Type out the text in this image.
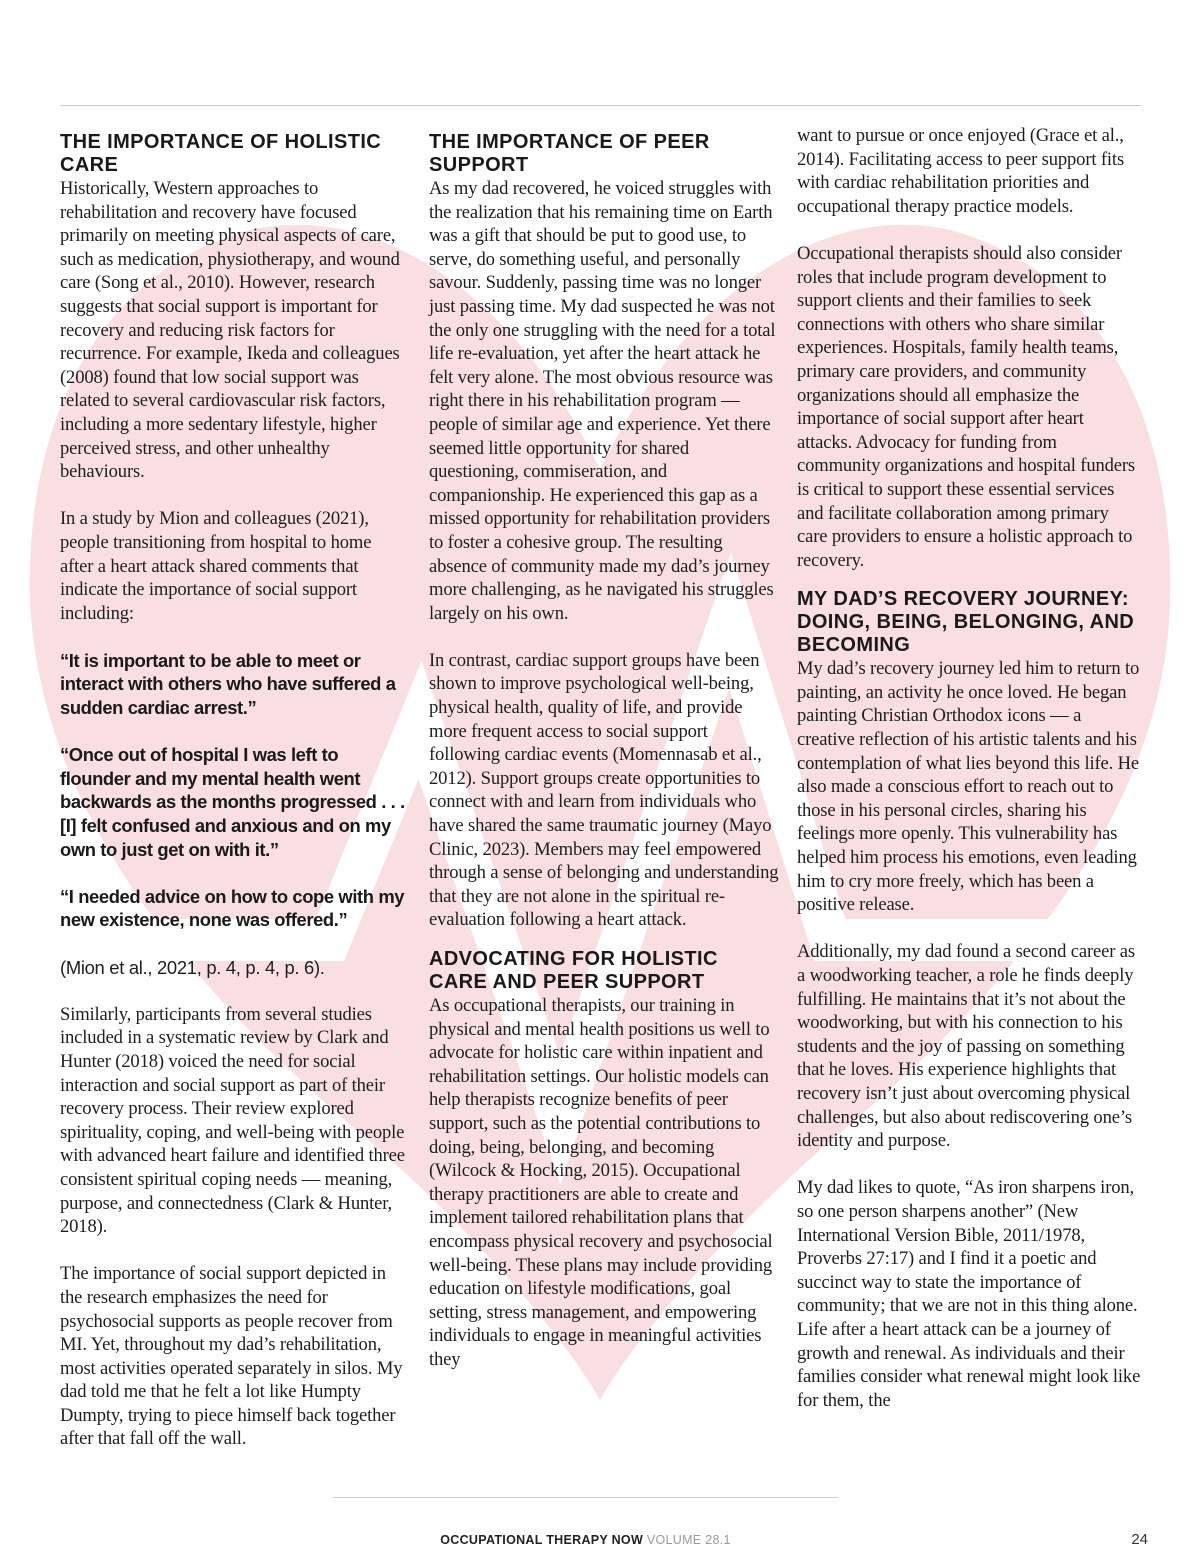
THE IMPORTANCE OF HOLISTIC CARE

Historically, Western approaches to rehabilitation and recovery have focused primarily on meeting physical aspects of care, such as medication, physiotherapy, and wound care (Song et al., 2010). However, research suggests that social support is important for recovery and reducing risk factors for recurrence. For example, Ikeda and colleagues (2008) found that low social support was related to several cardiovascular risk factors, including a more sedentary lifestyle, higher perceived stress, and other unhealthy behaviours.

In a study by Mion and colleagues (2021), people transitioning from hospital to home after a heart attack shared comments that indicate the importance of social support including:

“It is important to be able to meet or interact with others who have suffered a sudden cardiac arrest.”
“Once out of hospital I was left to flounder and my mental health went backwards as the months progressed . . . [I] felt confused and anxious and on my own to just get on with it.”
“I needed advice on how to cope with my new existence, none was offered.”
(Mion et al., 2021, p. 4, p. 4, p. 6).

Similarly, participants from several studies included in a systematic review by Clark and Hunter (2018) voiced the need for social interaction and social support as part of their recovery process. Their review explored spirituality, coping, and well-being with people with advanced heart failure and identified three consistent spiritual coping needs — meaning, purpose, and connectedness (Clark & Hunter, 2018).

The importance of social support depicted in the research emphasizes the need for psychosocial supports as people recover from MI. Yet, throughout my dad’s rehabilitation, most activities operated separately in silos. My dad told me that he felt a lot like Humpty Dumpty, trying to piece himself back together after that fall off the wall.

THE IMPORTANCE OF PEER SUPPORT

As my dad recovered, he voiced struggles with the realization that his remaining time on Earth was a gift that should be put to good use, to serve, do something useful, and personally savour. Suddenly, passing time was no longer just passing time. My dad suspected he was not the only one struggling with the need for a total life re-evaluation, yet after the heart attack he felt very alone. The most obvious resource was right there in his rehabilitation program — people of similar age and experience. Yet there seemed little opportunity for shared questioning, commiseration, and companionship. He experienced this gap as a missed opportunity for rehabilitation providers to foster a cohesive group. The resulting absence of community made my dad’s journey more challenging, as he navigated his struggles largely on his own.

In contrast, cardiac support groups have been shown to improve psychological well-being, physical health, quality of life, and provide more frequent access to social support following cardiac events (Momennasab et al., 2012). Support groups create opportunities to connect with and learn from individuals who have shared the same traumatic journey (Mayo Clinic, 2023). Members may feel empowered through a sense of belonging and understanding that they are not alone in the spiritual re-evaluation following a heart attack.

ADVOCATING FOR HOLISTIC CARE AND PEER SUPPORT

As occupational therapists, our training in physical and mental health positions us well to advocate for holistic care within inpatient and rehabilitation settings. Our holistic models can help therapists recognize benefits of peer support, such as the potential contributions to doing, being, belonging, and becoming (Wilcock & Hocking, 2015). Occupational therapy practitioners are able to create and implement tailored rehabilitation plans that encompass physical recovery and psychosocial well-being. These plans may include providing education on lifestyle modifications, goal setting, stress management, and empowering individuals to engage in meaningful activities they

want to pursue or once enjoyed (Grace et al., 2014). Facilitating access to peer support fits with cardiac rehabilitation priorities and occupational therapy practice models.

Occupational therapists should also consider roles that include program development to support clients and their families to seek connections with others who share similar experiences. Hospitals, family health teams, primary care providers, and community organizations should all emphasize the importance of social support after heart attacks. Advocacy for funding from community organizations and hospital funders is critical to support these essential services and facilitate collaboration among primary care providers to ensure a holistic approach to recovery.

MY DAD’S RECOVERY JOURNEY: DOING, BEING, BELONGING, AND BECOMING

My dad’s recovery journey led him to return to painting, an activity he once loved. He began painting Christian Orthodox icons — a creative reflection of his artistic talents and his contemplation of what lies beyond this life. He also made a conscious effort to reach out to those in his personal circles, sharing his feelings more openly. This vulnerability has helped him process his emotions, even leading him to cry more freely, which has been a positive release.

Additionally, my dad found a second career as a woodworking teacher, a role he finds deeply fulfilling. He maintains that it’s not about the woodworking, but with his connection to his students and the joy of passing on something that he loves. His experience highlights that recovery isn’t just about overcoming physical challenges, but also about rediscovering one’s identity and purpose.

My dad likes to quote, “As iron sharpens iron, so one person sharpens another” (New International Version Bible, 2011/1978, Proverbs 27:17) and I find it a poetic and succinct way to state the importance of community; that we are not in this thing alone. Life after a heart attack can be a journey of growth and renewal. As individuals and their families consider what renewal might look like for them, the

OCCUPATIONAL THERAPY NOW VOLUME 28.1	24
